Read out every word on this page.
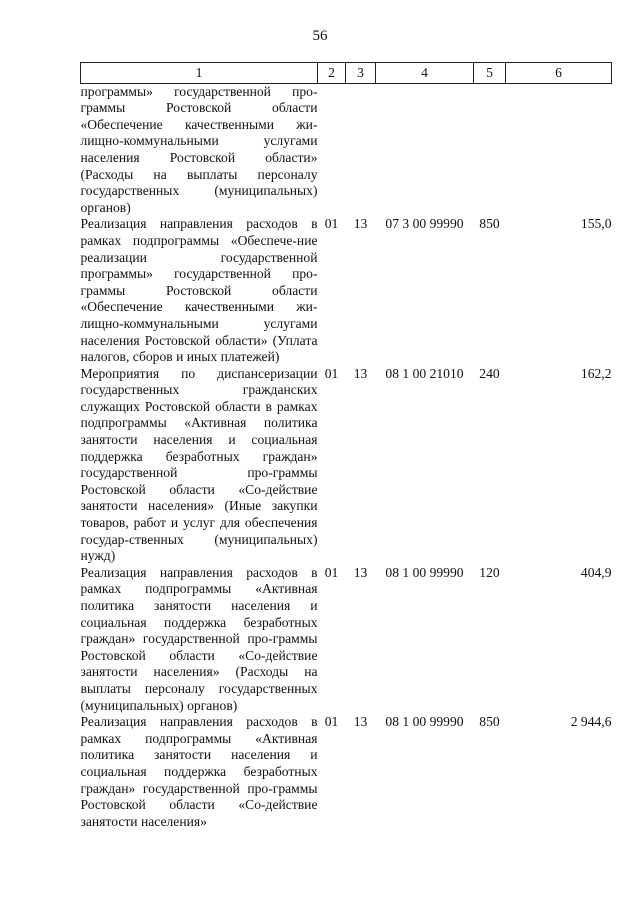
56
1	2	3	4	5	6
программы» государственной про-граммы Ростовской области «Обеспечение качественными жи-лищно-коммунальными услугами населения Ростовской области» (Расходы на выплаты персоналу государственных (муниципальных) органов)					
Реализация направления расходов в рамках подпрограммы «Обеспече-ние реализации государственной программы» государственной про-граммы Ростовской области «Обеспечение качественными жи-лищно-коммунальными услугами населения Ростовской области» (Уплата налогов, сборов и иных платежей)	01	13	07 3 00 99990	850	155,0
Мероприятия по диспансеризации государственных гражданских служащих Ростовской области в рамках подпрограммы «Активная политика занятости населения и социальная поддержка безработных граждан» государственной про-граммы Ростовской области «Со-действие занятости населения» (Иные закупки товаров, работ и услуг для обеспечения государ-ственных (муниципальных) нужд)	01	13	08 1 00 21010	240	162,2
Реализация направления расходов в рамках подпрограммы «Активная политика занятости населения и социальная поддержка безработных граждан» государственной про-граммы Ростовской области «Со-действие занятости населения» (Расходы на выплаты персоналу государственных (муниципальных) органов)	01	13	08 1 00 99990	120	404,9
Реализация направления расходов в рамках подпрограммы «Активная политика занятости населения и социальная поддержка безработных граждан» государственной про-граммы Ростовской области «Со-действие занятости населения»	01	13	08 1 00 99990	850	2 944,6
